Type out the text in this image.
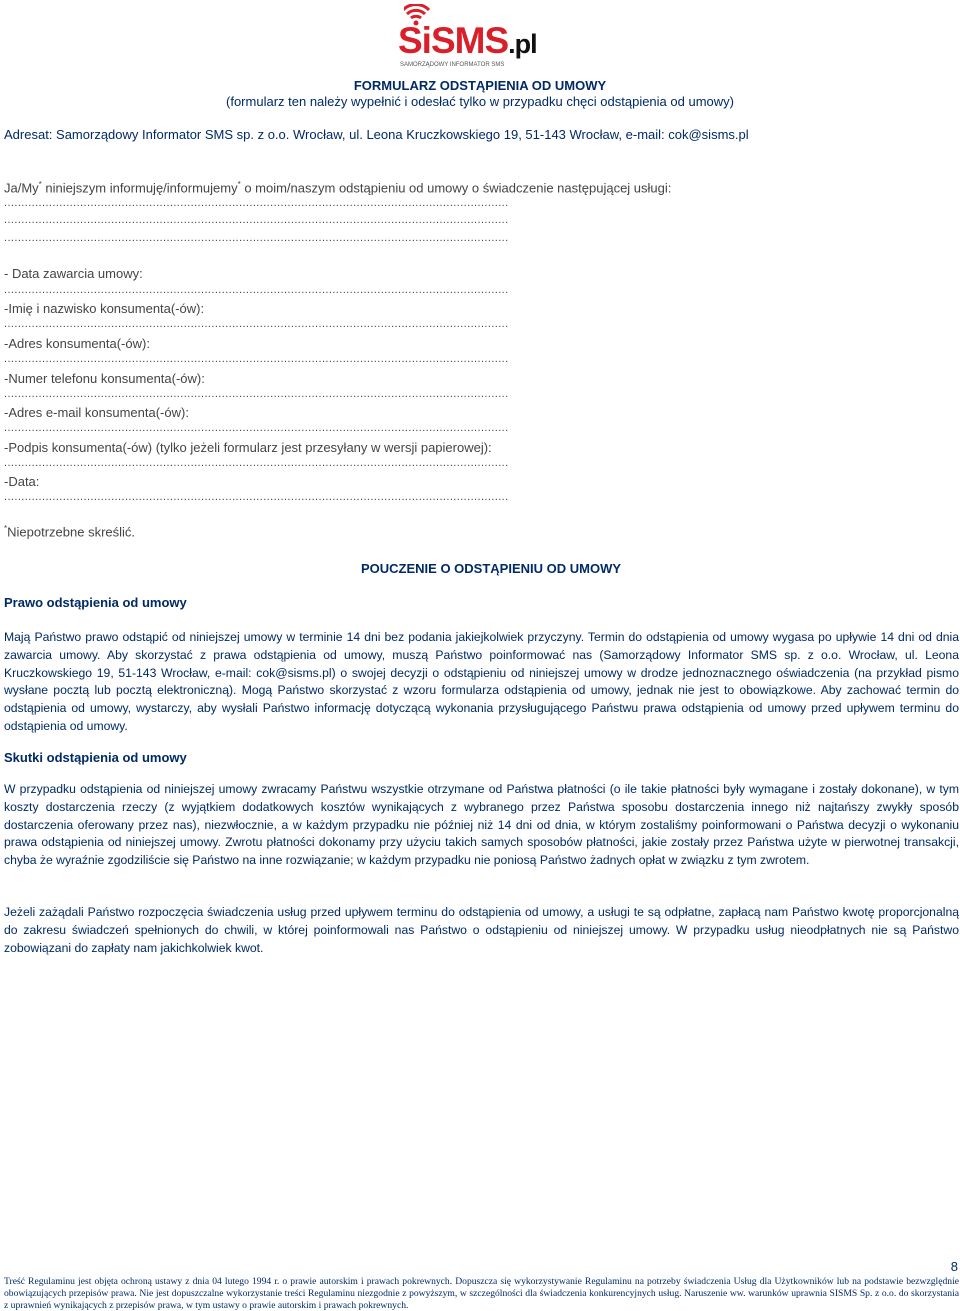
SiSMS.pl
SAMORZĄDOWY INFORMATOR SMS
FORMULARZ ODSTĄPIENIA OD UMOWY
(formularz ten należy wypełnić i odesłać tylko w przypadku chęci odstąpienia od umowy)
Adresat: Samorządowy Informator SMS sp. z o.o. Wrocław, ul. Leona Kruczkowskiego 19, 51-143 Wrocław, e-mail: cok@sisms.pl
Ja/My* niniejszym informuję/informujemy* o moim/naszym odstąpieniu od umowy o świadczenie następującej usługi:
..................................................................................................................................................
..................................................................................................................................................
..................................................................................................................................................
- Data zawarcia umowy:
..................................................................................................................................................
-Imię i nazwisko konsumenta(-ów):
..................................................................................................................................................
-Adres konsumenta(-ów):
..................................................................................................................................................
-Numer telefonu konsumenta(-ów):
..................................................................................................................................................
-Adres e-mail konsumenta(-ów):
..................................................................................................................................................
-Podpis konsumenta(-ów) (tylko jeżeli formularz jest przesyłany w wersji papierowej):
..................................................................................................................................................
-Data:
..................................................................................................................................................
*Niepotrzebne skreślić.
POUCZENIE O ODSTĄPIENIU OD UMOWY
Prawo odstąpienia od umowy

Mają Państwo prawo odstąpić od niniejszej umowy w terminie 14 dni bez podania jakiejkolwiek przyczyny. Termin do odstąpienia od umowy wygasa po upływie 14 dni od dnia zawarcia umowy. Aby skorzystać z prawa odstąpienia od umowy, muszą Państwo poinformować nas (Samorządowy Informator SMS sp. z o.o. Wrocław, ul. Leona Kruczkowskiego 19, 51-143 Wrocław, e-mail: cok@sisms.pl) o swojej decyzji o odstąpieniu od niniejszej umowy w drodze jednoznacznego oświadczenia (na przykład pismo wysłane pocztą lub pocztą elektroniczną). Mogą Państwo skorzystać z wzoru formularza odstąpienia od umowy, jednak nie jest to obowiązkowe. Aby zachować termin do odstąpienia od umowy, wystarczy, aby wysłali Państwo informację dotyczącą wykonania przysługującego Państwu prawa odstąpienia od umowy przed upływem terminu do odstąpienia od umowy.

Skutki odstąpienia od umowy

W przypadku odstąpienia od niniejszej umowy zwracamy Państwu wszystkie otrzymane od Państwa płatności (o ile takie płatności były wymagane i zostały dokonane), w tym koszty dostarczenia rzeczy (z wyjątkiem dodatkowych kosztów wynikających z wybranego przez Państwa sposobu dostarczenia innego niż najtańszy zwykły sposób dostarczenia oferowany przez nas), niezwłocznie, a w każdym przypadku nie później niż 14 dni od dnia, w którym zostaliśmy poinformowani o Państwa decyzji o wykonaniu prawa odstąpienia od niniejszej umowy. Zwrotu płatności dokonamy przy użyciu takich samych sposobów płatności, jakie zostały przez Państwa użyte w pierwotnej transakcji, chyba że wyraźnie zgodziliście się Państwo na inne rozwiązanie; w każdym przypadku nie poniosą Państwo żadnych opłat w związku z tym zwrotem.

Jeżeli zażądali Państwo rozpoczęcia świadczenia usług przed upływem terminu do odstąpienia od umowy, a usługi te są odpłatne, zapłacą nam Państwo kwotę proporcjonalną do zakresu świadczeń spełnionych do chwili, w której poinformowali nas Państwo o odstąpieniu od niniejszej umowy. W przypadku usług nieodpłatnych nie są Państwo zobowiązani do zapłaty nam jakichkolwiek kwot.

8

Treść Regulaminu jest objęta ochroną ustawy z dnia 04 lutego 1994 r. o prawie autorskim i prawach pokrewnych. Dopuszcza się wykorzystywanie Regulaminu na potrzeby świadczenia Usług dla Użytkowników lub na podstawie bezwzględnie obowiązujących przepisów prawa. Nie jest dopuszczalne wykorzystanie treści Regulaminu niezgodnie z powyższym, w szczególności dla świadczenia konkurencyjnych usług. Naruszenie ww. warunków uprawnia SISMS Sp. z o.o. do skorzystania z uprawnień wynikających z przepisów prawa, w tym ustawy o prawie autorskim i prawach pokrewnych.
